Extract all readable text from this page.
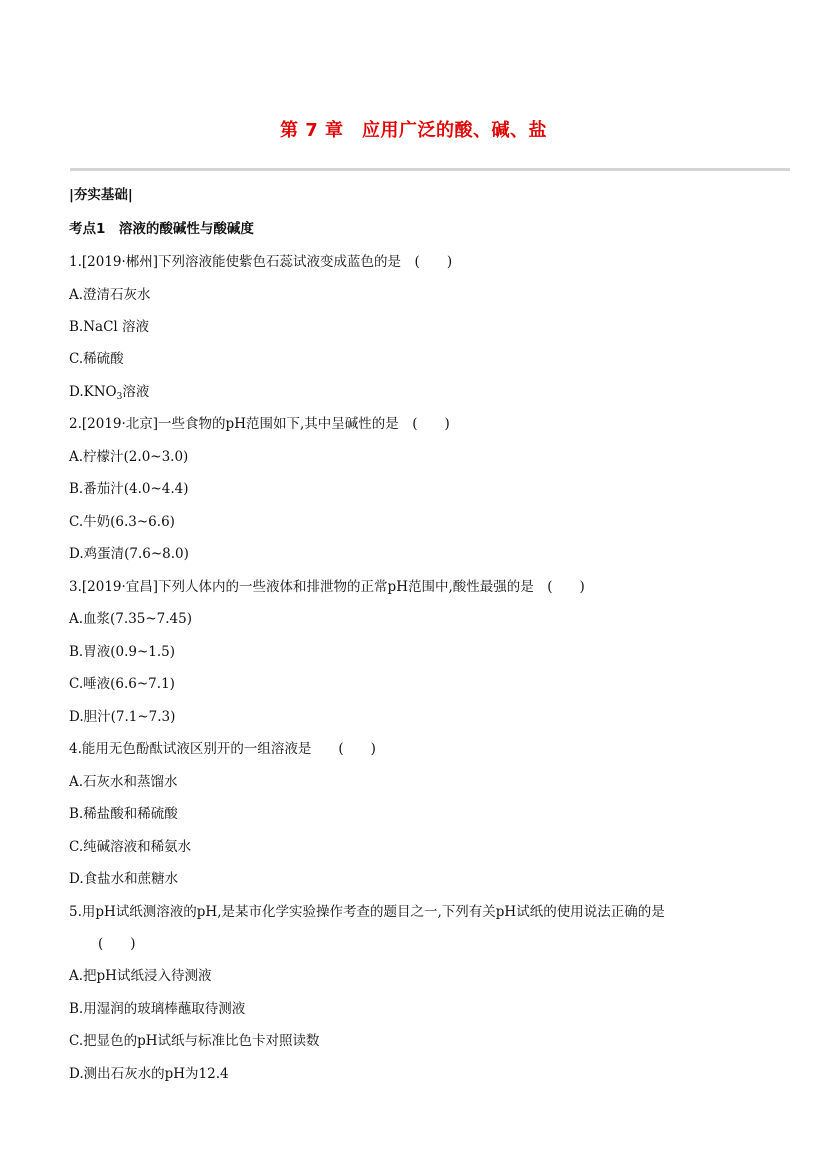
第 7 章　应用广泛的酸、碱、盐
|夯实基础|
考点1　溶液的酸碱性与酸碱度
1.[2019·郴州]下列溶液能使紫色石蕊试液变成蓝色的是　(　　)
A.澄清石灰水
B.NaCl 溶液
C.稀硫酸
$D.KNO_3$溶液
2.[2019·北京]一些食物的pH范围如下,其中呈碱性的是　(　　)
A.柠檬汁(2.0~3.0)
B.番茄汁(4.0~4.4)
C.牛奶(6.3~6.6)
D.鸡蛋清(7.6~8.0)
3.[2019·宜昌]下列人体内的一些液体和排泄物的正常pH范围中,酸性最强的是　(　　)
A.血浆(7.35~7.45)
B.胃液(0.9~1.5)
C.唾液(6.6~7.1)
D.胆汁(7.1~7.3)
4.能用无色酚酞试液区别开的一组溶液是　　(　　)
A.石灰水和蒸馏水
B.稀盐酸和稀硫酸
C.纯碱溶液和稀氨水
D.食盐水和蔗糖水
5.用pH试纸测溶液的pH,是某市化学实验操作考查的题目之一,下列有关pH试纸的使用说法正确的是
(　　)
A.把pH试纸浸入待测液
B.用湿润的玻璃棒蘸取待测液
C.把显色的pH试纸与标准比色卡对照读数
D.测出石灰水的pH为12.4
